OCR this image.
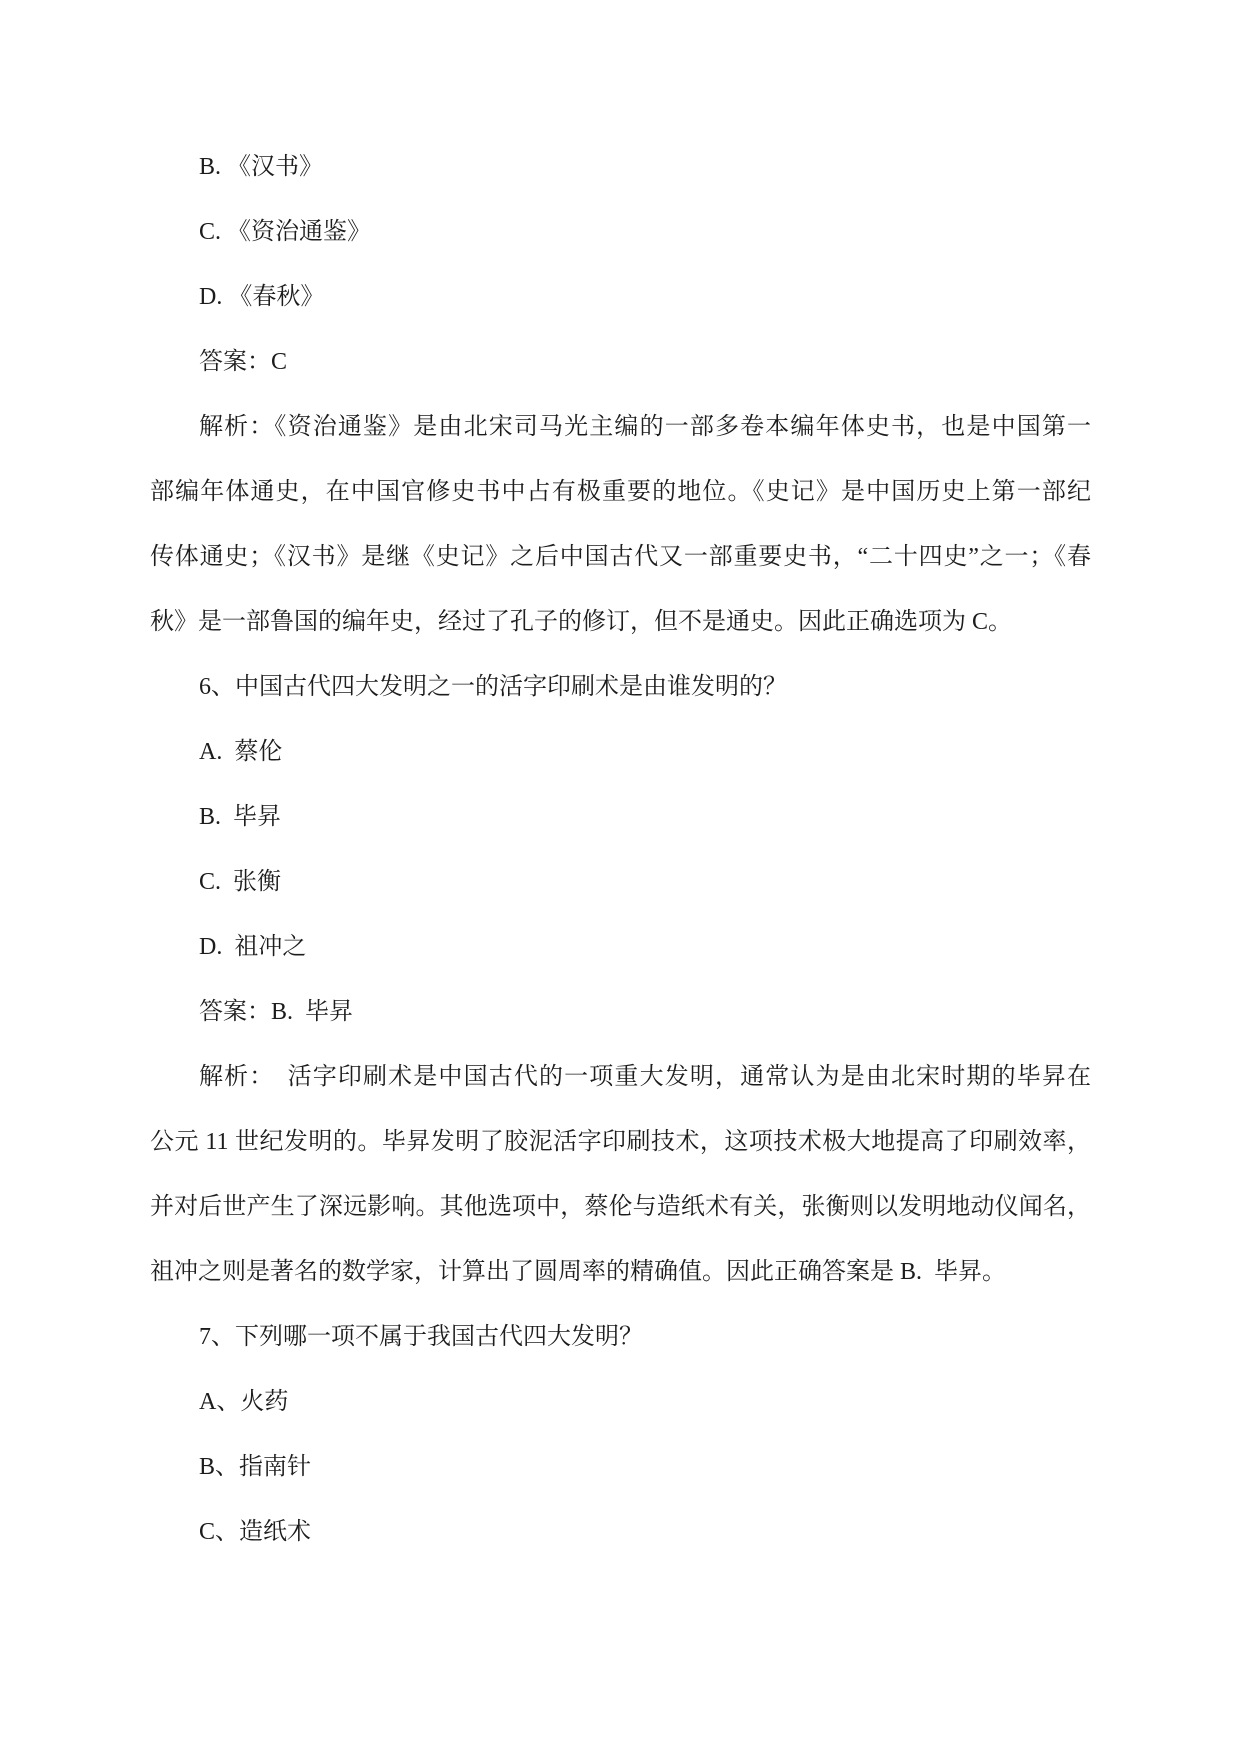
B. 《汉书》
C. 《资治通鉴》
D. 《春秋》
答案：C
解析：《资治通鉴》是由北宋司马光主编的一部多卷本编年体史书，也是中国第一
部编年体通史，在中国官修史书中占有极重要的地位。《史记》是中国历史上第一部纪
传体通史；《汉书》是继《史记》之后中国古代又一部重要史书，“二十四史”之一；《春
秋》是一部鲁国的编年史，经过了孔子的修订，但不是通史。因此正确选项为 C。
6、中国古代四大发明之一的活字印刷术是由谁发明的？
A.  蔡伦
B.  毕昇
C.  张衡
D.  祖冲之
答案：B.  毕昇
解析：　活字印刷术是中国古代的一项重大发明，通常认为是由北宋时期的毕昇在
公元 11 世纪发明的。毕昇发明了胶泥活字印刷技术，这项技术极大地提高了印刷效率，
并对后世产生了深远影响。其他选项中，蔡伦与造纸术有关，张衡则以发明地动仪闻名，
祖冲之则是著名的数学家，计算出了圆周率的精确值。因此正确答案是 B.  毕昇。
7、下列哪一项不属于我国古代四大发明？
A、火药
B、指南针
C、造纸术
